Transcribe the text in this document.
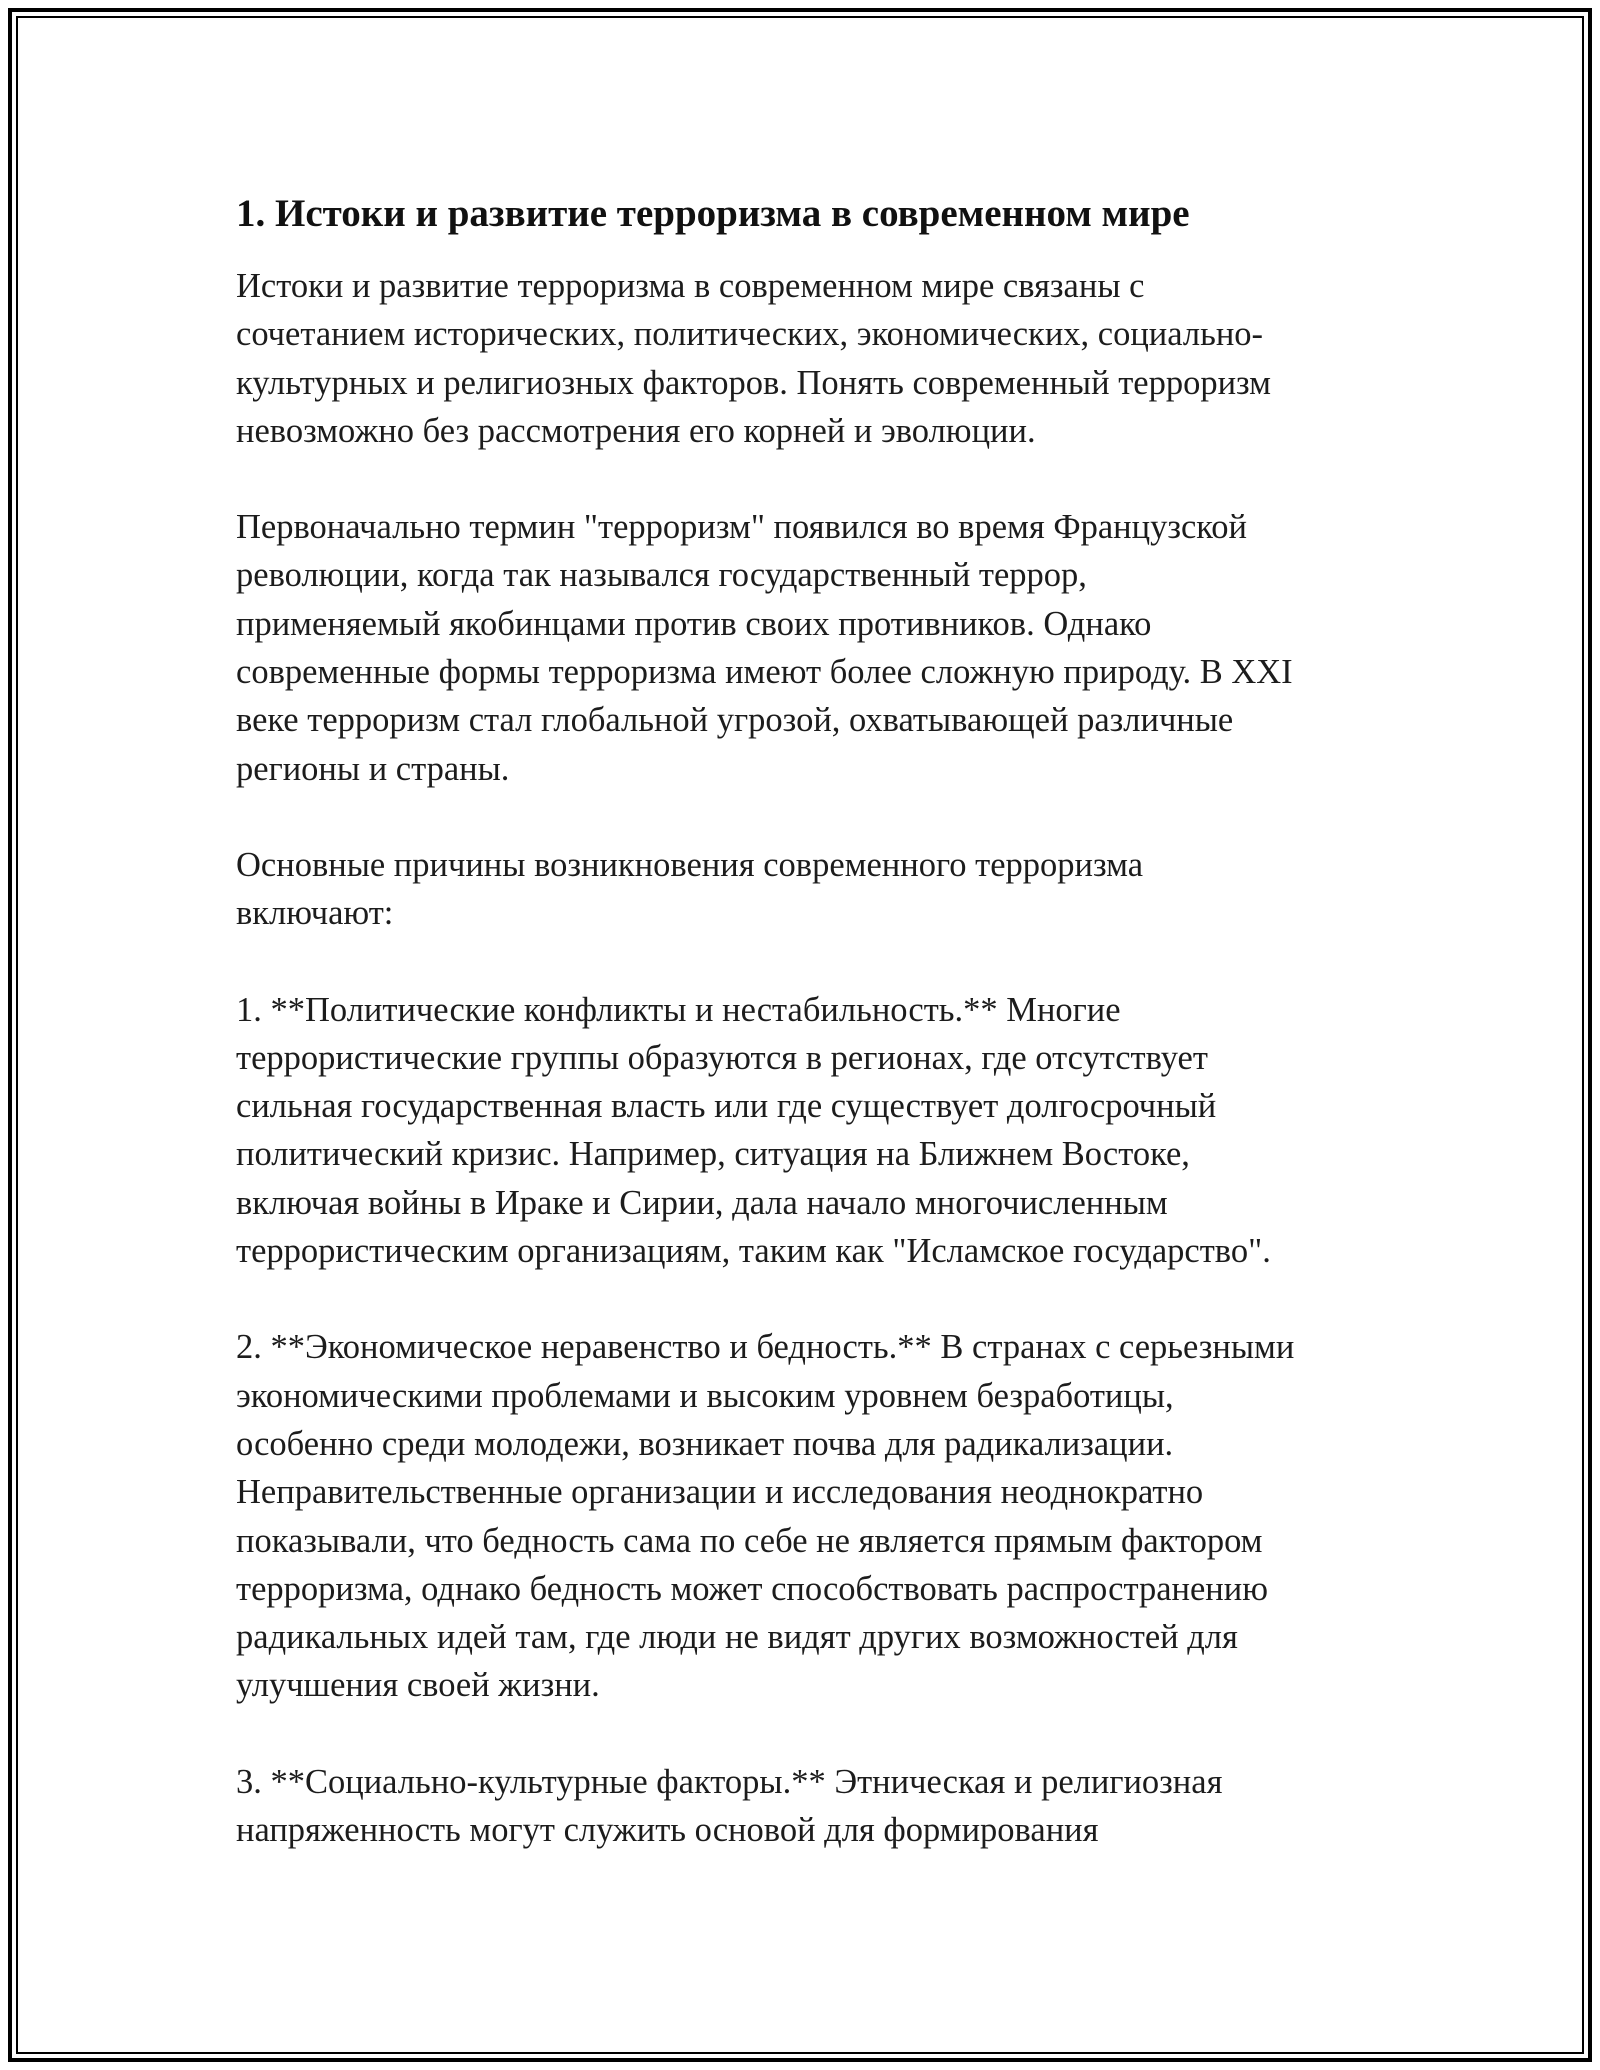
1. Истоки и развитие терроризма в современном мире

Истоки и развитие терроризма в современном мире связаны с
сочетанием исторических, политических, экономических, социально-
культурных и религиозных факторов. Понять современный терроризм
невозможно без рассмотрения его корней и эволюции.

Первоначально термин "терроризм" появился во время Французской
революции, когда так назывался государственный террор,
применяемый якобинцами против своих противников. Однако
современные формы терроризма имеют более сложную природу. В XXI
веке терроризм стал глобальной угрозой, охватывающей различные
регионы и страны.

Основные причины возникновения современного терроризма
включают:

1. **Политические конфликты и нестабильность.** Многие
террористические группы образуются в регионах, где отсутствует
сильная государственная власть или где существует долгосрочный
политический кризис. Например, ситуация на Ближнем Востоке,
включая войны в Ираке и Сирии, дала начало многочисленным
террористическим организациям, таким как "Исламское государство".

2. **Экономическое неравенство и бедность.** В странах с серьезными
экономическими проблемами и высоким уровнем безработицы,
особенно среди молодежи, возникает почва для радикализации.
Неправительственные организации и исследования неоднократно
показывали, что бедность сама по себе не является прямым фактором
терроризма, однако бедность может способствовать распространению
радикальных идей там, где люди не видят других возможностей для
улучшения своей жизни.

3. **Социально-культурные факторы.** Этническая и религиозная
напряженность могут служить основой для формирования
